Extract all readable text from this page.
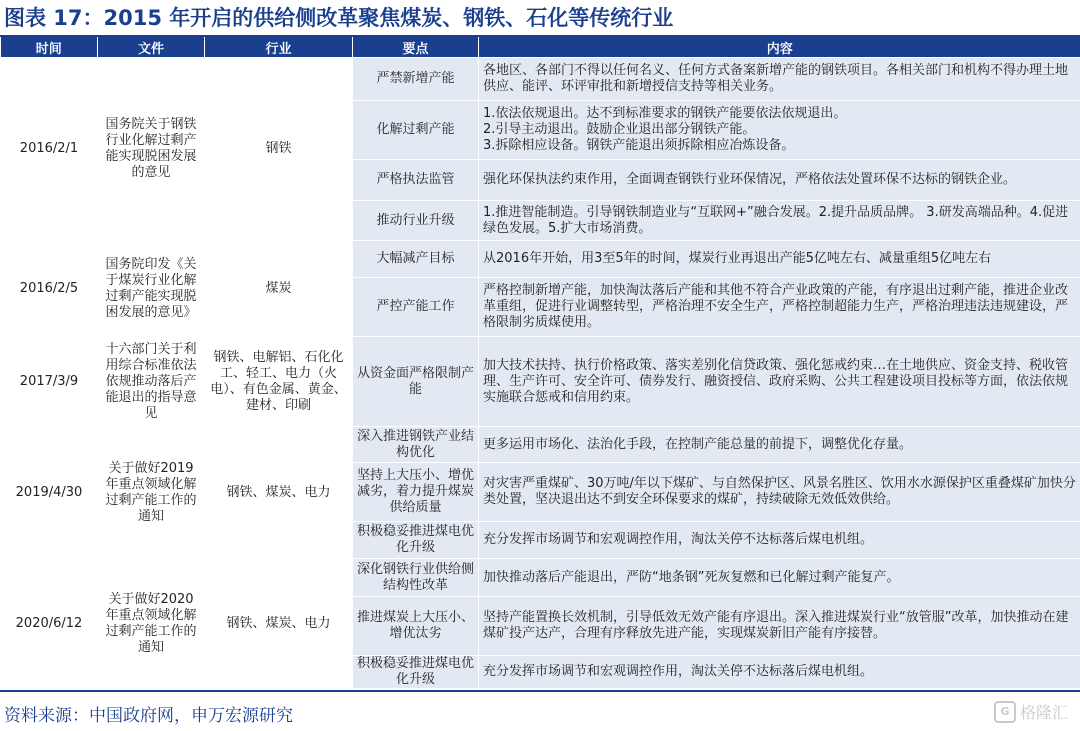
图表 17：2015 年开启的供给侧改革聚焦煤炭、钢铁、石化等传统行业
时间	文件	行业	要点	内容
2016/2/1	国务院关于钢铁行业化解过剩产能实现脱困发展的意见	钢铁	严禁新增产能	各地区、各部门不得以任何名义、任何方式备案新增产能的钢铁项目。各相关部门和机构不得办理土地供应、能评、环评审批和新增授信支持等相关业务。

			化解过剩产能	1.依法依规退出。达不到标准要求的钢铁产能要依法依规退出。
2.引导主动退出。鼓励企业退出部分钢铁产能。
3.拆除相应设备。钢铁产能退出须拆除相应冶炼设备。

			严格执法监管	强化环保执法约束作用，全面调查钢铁行业环保情况，严格依法处置环保不达标的钢铁企业。

			推动行业升级	1.推进智能制造。引导钢铁制造业与“互联网+”融合发展。2.提升品质品牌。 3.研发高端品种。4.促进绿色发展。5.扩大市场消费。

2016/2/5	国务院印发《关于煤炭行业化解过剩产能实现脱困发展的意见》	煤炭	大幅减产目标	从2016年开始，用3至5年的时间，煤炭行业再退出产能5亿吨左右、减量重组5亿吨左右

			严控产能工作	严格控制新增产能，加快淘汰落后产能和其他不符合产业政策的产能，有序退出过剩产能，推进企业改革重组，促进行业调整转型，严格治理不安全生产，严格控制超能力生产，严格治理违法违规建设，严格限制劣质煤使用。

2017/3/9	十六部门关于利用综合标准依法依规推动落后产能退出的指导意见	钢铁、电解铝、石化化工、轻工、电力（火电）、有色金属、黄金、建材、印刷	从资金面严格限制产能	加大技术扶持、执行价格政策、落实差别化信贷政策、强化惩戒约束…在土地供应、资金支持、税收管理、生产许可、安全许可、债券发行、融资授信、政府采购、公共工程建设项目投标等方面，依法依规实施联合惩戒和信用约束。

2019/4/30	关于做好2019年重点领域化解过剩产能工作的通知	钢铁、煤炭、电力	深入推进钢铁产业结构优化	更多运用市场化、法治化手段，在控制产能总量的前提下，调整优化存量。

			坚持上大压小、增优减劣，着力提升煤炭供给质量	对灾害严重煤矿、30万吨/年以下煤矿、与自然保护区、风景名胜区、饮用水水源保护区重叠煤矿加快分类处置，坚决退出达不到安全环保要求的煤矿，持续破除无效低效供给。

			积极稳妥推进煤电优化升级	充分发挥市场调节和宏观调控作用，淘汰关停不达标落后煤电机组。

2020/6/12	关于做好2020年重点领域化解过剩产能工作的通知	钢铁、煤炭、电力	深化钢铁行业供给侧结构性改革	加快推动落后产能退出，严防“地条钢”死灰复燃和已化解过剩产能复产。

			推进煤炭上大压小、增优汰劣	坚持产能置换长效机制，引导低效无效产能有序退出。深入推进煤炭行业“放管服”改革，加快推动在建煤矿投产达产，合理有序释放先进产能，实现煤炭新旧产能有序接替。

			积极稳妥推进煤电优化升级	充分发挥市场调节和宏观调控作用，淘汰关停不达标落后煤电机组。
资料来源：中国政府网，申万宏源研究	G 格隆汇
